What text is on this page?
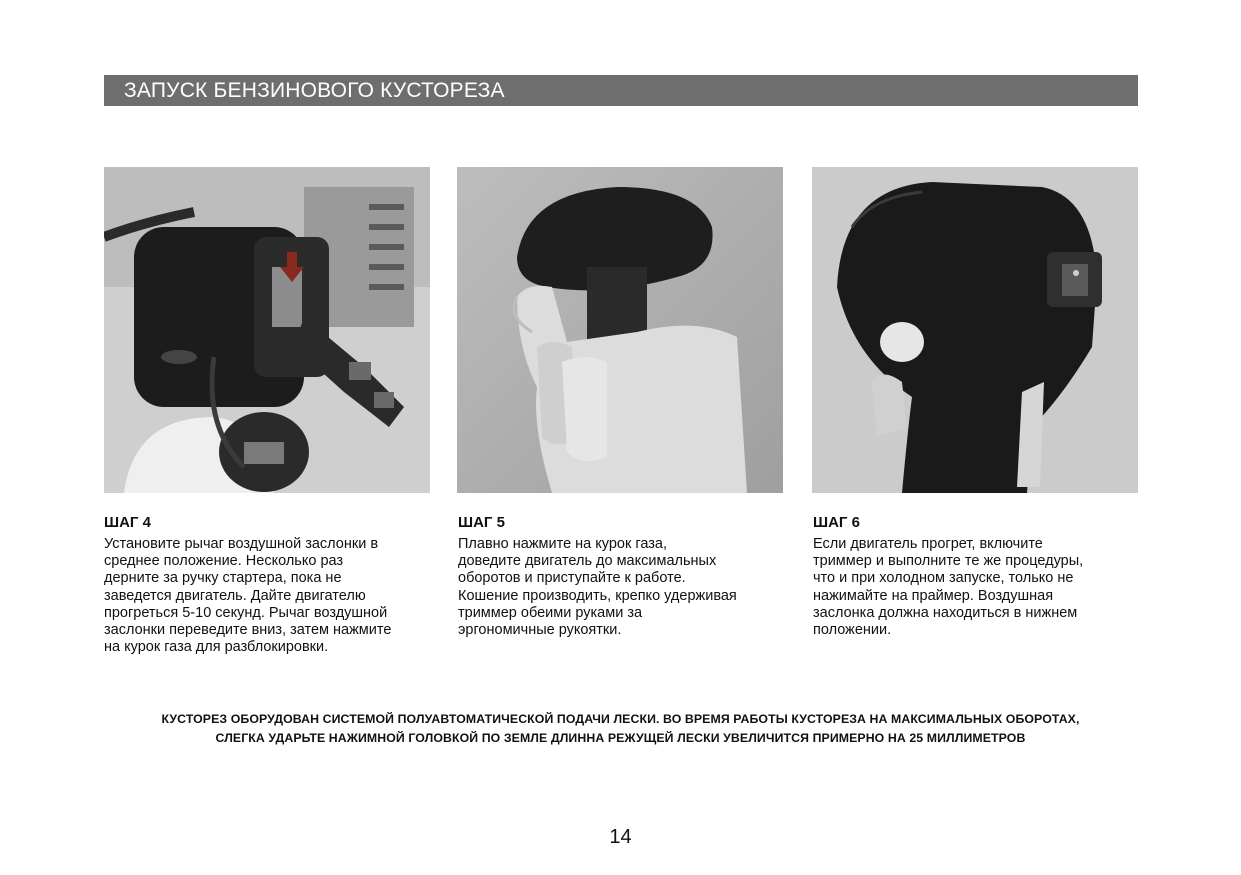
ЗАПУСК БЕНЗИНОВОГО КУСТОРЕЗА
ШАГ 4
Установите рычаг воздушной заслонки в
среднее положение. Несколько раз
дерните за ручку стартера, пока не
заведется двигатель. Дайте двигателю
прогреться 5-10 секунд. Рычаг воздушной
заслонки переведите вниз, затем нажмите
на курок газа для разблокировки.
ШАГ 5
Плавно нажмите на курок газа,
доведите двигатель до максимальных
оборотов и приступайте к работе.
Кошение производить, крепко удерживая
триммер обеими руками за
эргономичные рукоятки.
ШАГ 6
Если двигатель прогрет, включите
триммер и выполните те же процедуры,
что и при холодном запуске, только не
нажимайте на праймер. Воздушная
заслонка должна находиться в нижнем
положении.
КУСТОРЕЗ ОБОРУДОВАН СИСТЕМОЙ ПОЛУАВТОМАТИЧЕСКОЙ ПОДАЧИ ЛЕСКИ. ВО ВРЕМЯ РАБОТЫ КУСТОРЕЗА НА МАКСИМАЛЬНЫХ ОБОРОТАХ,
СЛЕГКА УДАРЬТЕ НАЖИМНОЙ ГОЛОВКОЙ ПО ЗЕМЛЕ ДЛИННА РЕЖУЩЕЙ ЛЕСКИ УВЕЛИЧИТСЯ ПРИМЕРНО НА 25 МИЛЛИМЕТРОВ
14
